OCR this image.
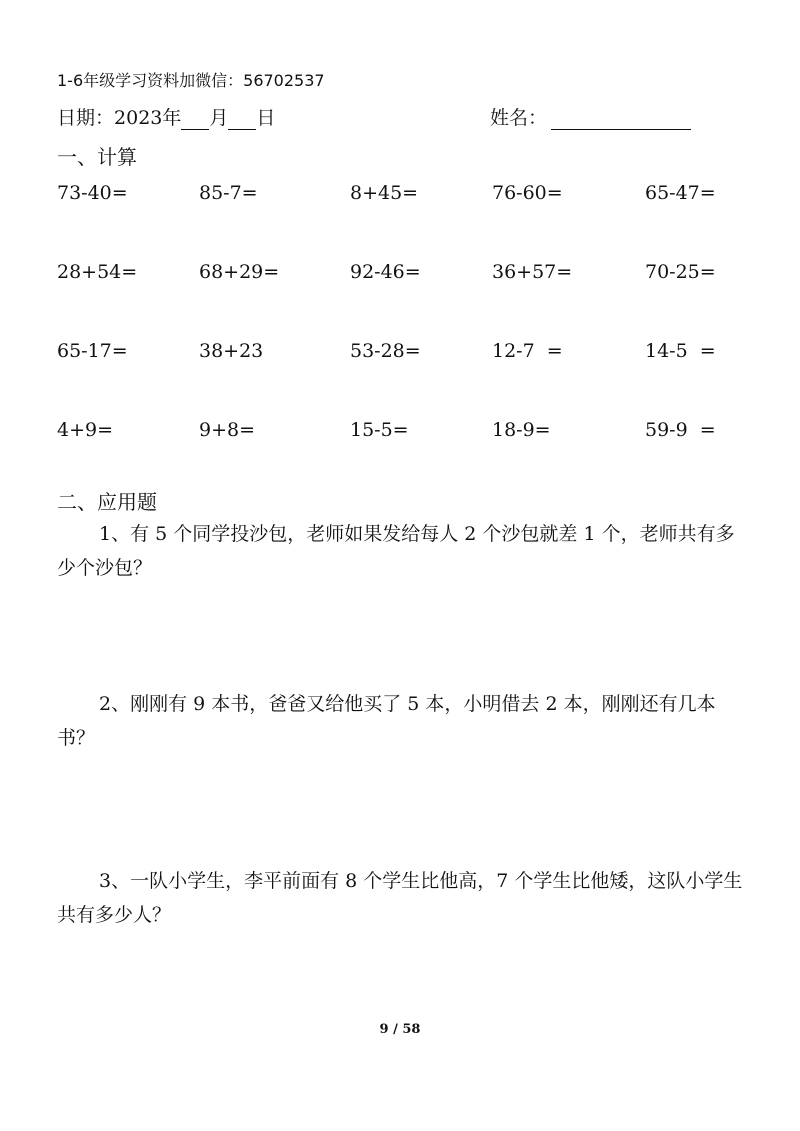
1-6年级学习资料加微信：56702537
日期：2023年 月 日	姓名：
一、计算
73-40=	85-7=	8+45=	76-60=	65-47=
28+54=	68+29=	92-46=	36+57=	70-25=
65-17=	38+23	53-28=	12-7  =	14-5  =
4+9=	9+8=	15-5=	18-9=	59-9  =
二、应用题
1、有 5 个同学投沙包，老师如果发给每人 2 个沙包就差 1 个，老师共有多少个沙包？
2、刚刚有 9 本书，爸爸又给他买了 5 本，小明借去 2 本，刚刚还有几本书？
3、一队小学生，李平前面有 8 个学生比他高，7 个学生比他矮，这队小学生共有多少人？
9 / 58
